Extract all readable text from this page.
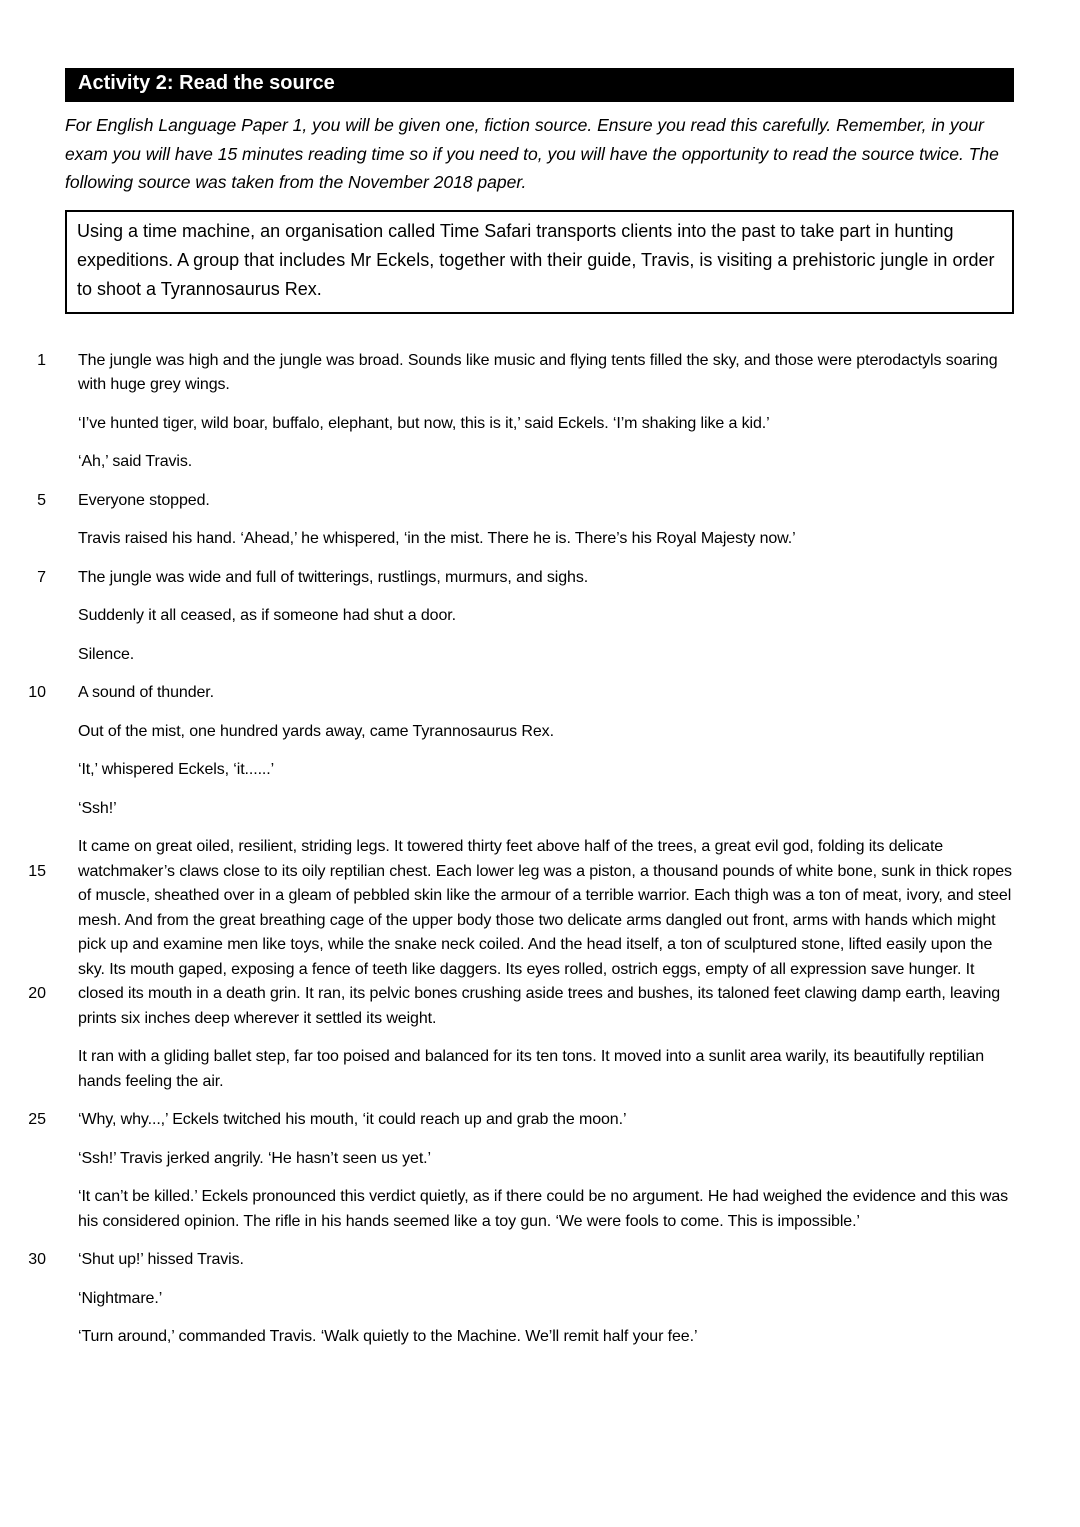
Activity 2: Read the source

For English Language Paper 1, you will be given one, fiction source. Ensure you read this carefully. Remember, in your exam you will have 15 minutes reading time so if you need to, you will have the opportunity to read the source twice. The following source was taken from the November 2018 paper.

Using a time machine, an organisation called Time Safari transports clients into the past to take part in hunting expeditions. A group that includes Mr Eckels, together with their guide, Travis, is visiting a prehistoric jungle in order to shoot a Tyrannosaurus Rex.
1 The jungle was high and the jungle was broad. Sounds like music and flying tents filled the sky, and those were pterodactyls soaring with huge grey wings.
‘I’ve hunted tiger, wild boar, buffalo, elephant, but now, this is it,’ said Eckels. ‘I’m shaking like a kid.’
‘Ah,’ said Travis.
5 Everyone stopped.
Travis raised his hand. ‘Ahead,’ he whispered, ‘in the mist. There he is. There’s his Royal Majesty now.’
7 The jungle was wide and full of twitterings, rustlings, murmurs, and sighs.
Suddenly it all ceased, as if someone had shut a door.
Silence.
10 A sound of thunder.
Out of the mist, one hundred yards away, came Tyrannosaurus Rex.
‘It,’ whispered Eckels, ‘it......’
‘Ssh!’
15
20
It came on great oiled, resilient, striding legs. It towered thirty feet above half of the trees, a great evil god, folding its delicate watchmaker’s claws close to its oily reptilian chest. Each lower leg was a piston, a thousand pounds of white bone, sunk in thick ropes of muscle, sheathed over in a gleam of pebbled skin like the armour of a terrible warrior. Each thigh was a ton of meat, ivory, and steel mesh. And from the great breathing cage of the upper body those two delicate arms dangled out front, arms with hands which might pick up and examine men like toys, while the snake neck coiled. And the head itself, a ton of sculptured stone, lifted easily upon the sky. Its mouth gaped, exposing a fence of teeth like daggers. Its eyes rolled, ostrich eggs, empty of all expression save hunger. It closed its mouth in a death grin. It ran, its pelvic bones crushing aside trees and bushes, its taloned feet clawing damp earth, leaving prints six inches deep wherever it settled its weight.
It ran with a gliding ballet step, far too poised and balanced for its ten tons. It moved into a sunlit area warily, its beautifully reptilian hands feeling the air.
25 ‘Why, why...,’ Eckels twitched his mouth, ‘it could reach up and grab the moon.’
‘Ssh!’ Travis jerked angrily. ‘He hasn’t seen us yet.’
‘It can’t be killed.’ Eckels pronounced this verdict quietly, as if there could be no argument. He had weighed the evidence and this was his considered opinion. The rifle in his hands seemed like a toy gun. ‘We were fools to come. This is impossible.’
30 ‘Shut up!’ hissed Travis.
‘Nightmare.’
‘Turn around,’ commanded Travis. ‘Walk quietly to the Machine. We’ll remit half your fee.’
